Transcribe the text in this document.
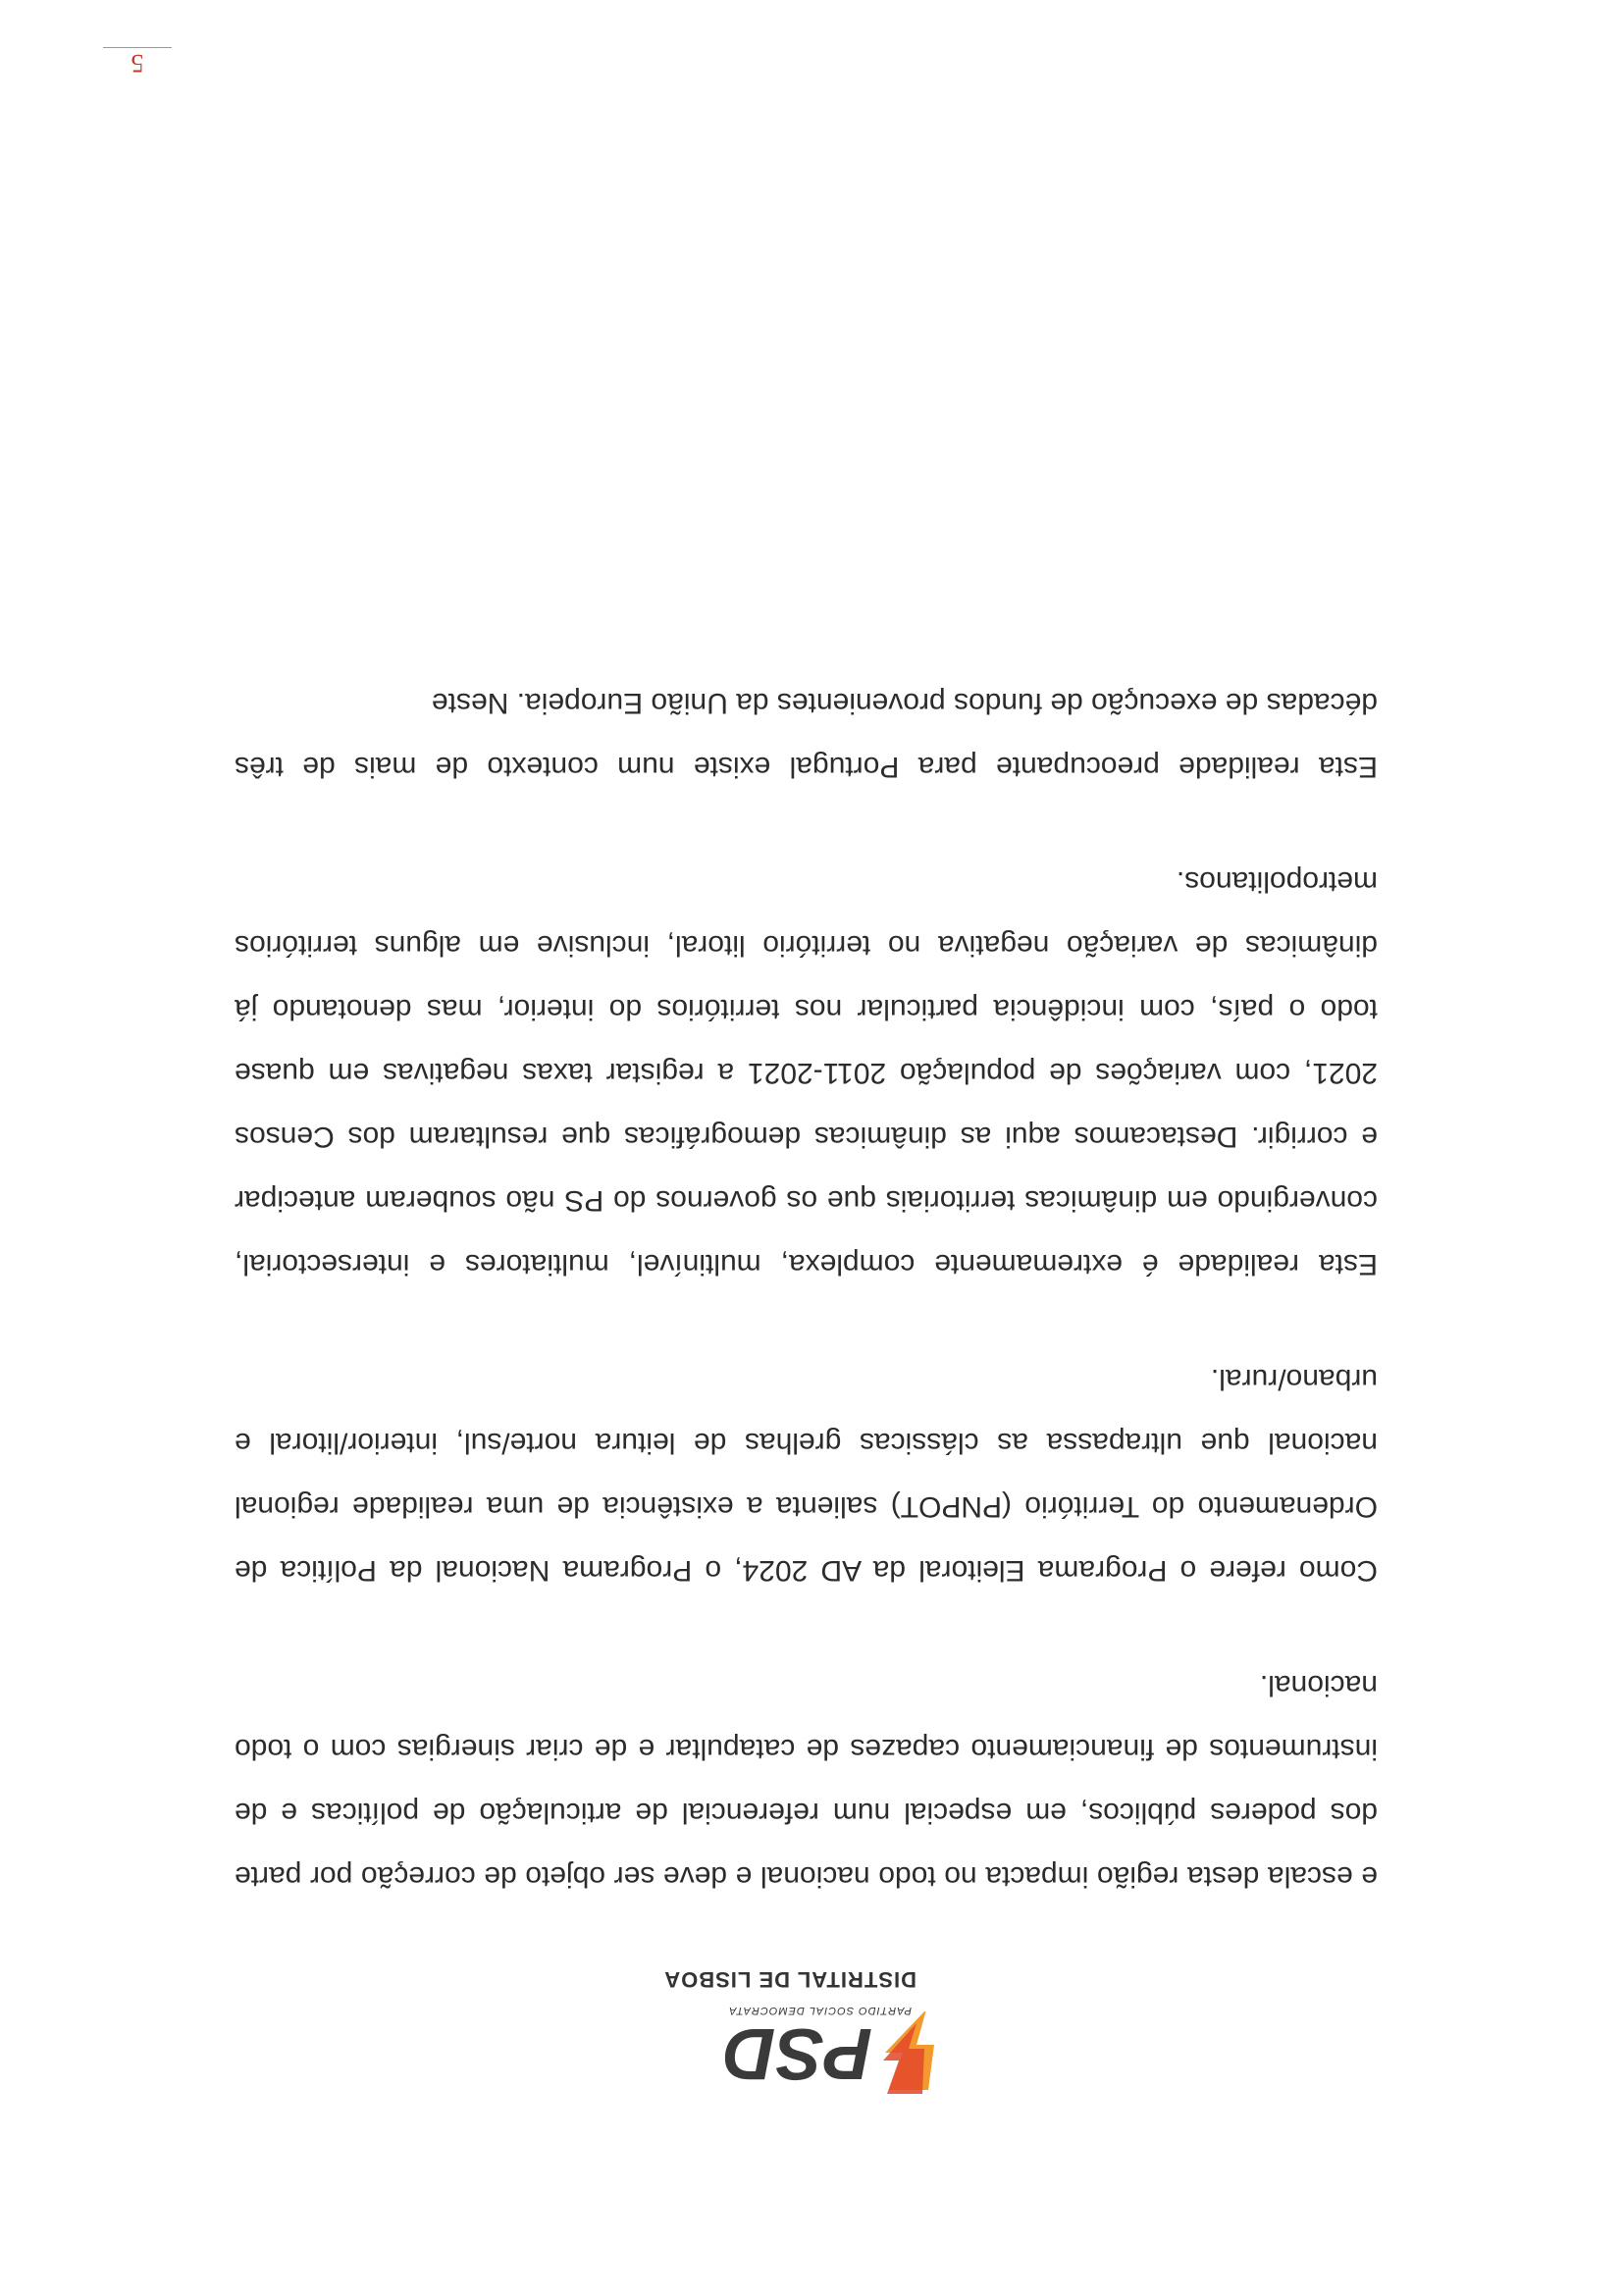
PSD
PARTIDO SOCIAL DEMOCRATA
DISTRITAL DE LISBOA

e escala desta região impacta no todo nacional e deve ser objeto de correção por parte dos poderes públicos, em especial num referencial de articulação de políticas e de instrumentos de financiamento capazes de catapultar e de criar sinergias com o todo nacional.

Como refere o Programa Eleitoral da AD 2024, o Programa Nacional da Política de Ordenamento do Território (PNPOT) salienta a existência de uma realidade regional nacional que ultrapassa as clássicas grelhas de leitura norte/sul, interior/litoral e urbano/rural.

Esta realidade é extremamente complexa, multinível, multiatores e intersectorial, convergindo em dinâmicas territoriais que os governos do PS não souberam antecipar e corrigir. Destacamos aqui as dinâmicas demográficas que resultaram dos Censos 2021, com variações de população 2011-2021 a registar taxas negativas em quase todo o país, com incidência particular nos territórios do interior, mas denotando já dinâmicas de variação negativa no território litoral, inclusive em alguns territórios metropolitanos.

Esta realidade preocupante para Portugal existe num contexto de mais de três décadas de execução de fundos provenientes da União Europeia. Neste

5
